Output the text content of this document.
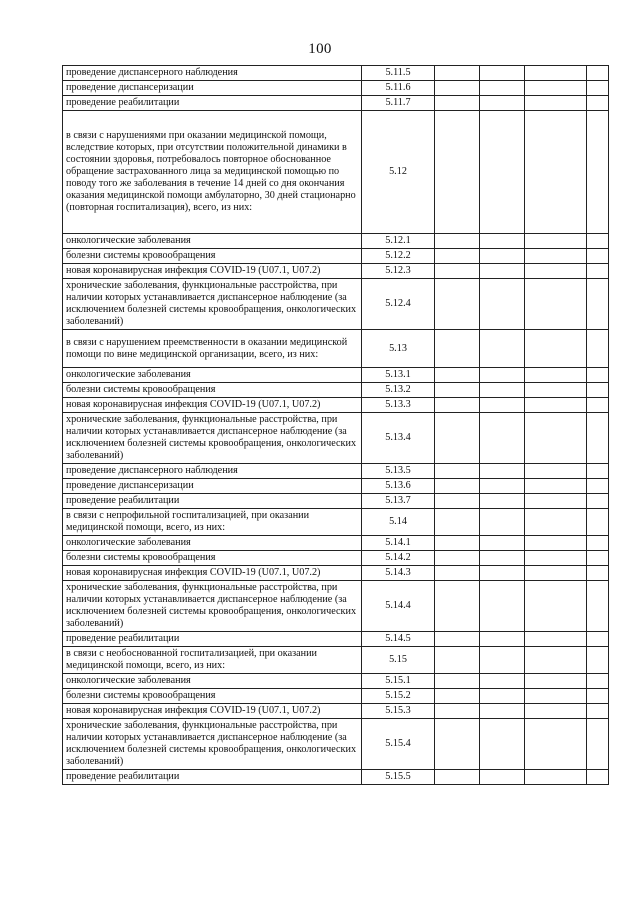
100
проведение диспансерного наблюдения	5.11.5				
проведение диспансеризации	5.11.6				
проведение реабилитации	5.11.7				
в связи с нарушениями при оказании медицинской помощи, вследствие которых, при отсутствии положительной динамики в состоянии здоровья, потребовалось повторное обоснованное обращение застрахованного лица за медицинской помощью по поводу того же заболевания в течение 14 дней со дня окончания оказания медицинской помощи амбулаторно, 30 дней стационарно (повторная госпитализация), всего, из них:	5.12				
онкологические заболевания	5.12.1				
болезни системы кровообращения	5.12.2				
новая коронавирусная инфекция COVID-19 (U07.1, U07.2)	5.12.3				
хронические заболевания, функциональные расстройства, при наличии которых устанавливается диспансерное наблюдение (за исключением болезней системы кровообращения, онкологических заболеваний)	5.12.4				
в связи с нарушением преемственности в оказании медицинской помощи по вине медицинской организации, всего, из них:	5.13				
онкологические заболевания	5.13.1				
болезни системы кровообращения	5.13.2				
новая коронавирусная инфекция COVID-19 (U07.1, U07.2)	5.13.3				
хронические заболевания, функциональные расстройства, при наличии которых устанавливается диспансерное наблюдение (за исключением болезней системы кровообращения, онкологических заболеваний)	5.13.4				
проведение диспансерного наблюдения	5.13.5				
проведение диспансеризации	5.13.6				
проведение реабилитации	5.13.7				
в связи с непрофильной госпитализацией, при оказании медицинской помощи, всего, из них:	5.14				
онкологические заболевания	5.14.1				
болезни системы кровообращения	5.14.2				
новая коронавирусная инфекция COVID-19 (U07.1, U07.2)	5.14.3				
хронические заболевания, функциональные расстройства, при наличии которых устанавливается диспансерное наблюдение (за исключением болезней системы кровообращения, онкологических заболеваний)	5.14.4				
проведение реабилитации	5.14.5				
в связи с необоснованной госпитализацией, при оказании медицинской помощи, всего, из них:	5.15				
онкологические заболевания	5.15.1				
болезни системы кровообращения	5.15.2				
новая коронавирусная инфекция COVID-19 (U07.1, U07.2)	5.15.3				
хронические заболевания, функциональные расстройства, при наличии которых устанавливается диспансерное наблюдение (за исключением болезней системы кровообращения, онкологических заболеваний)	5.15.4				
проведение реабилитации	5.15.5				
